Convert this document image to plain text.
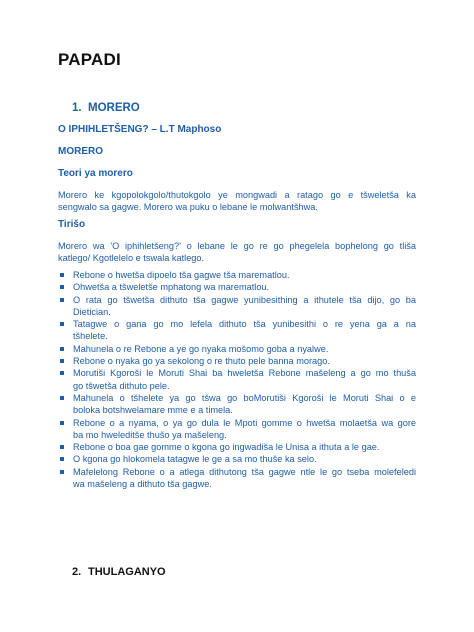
PAPADI
1. MORERO
O IPHIHLETŠENG? – L.T Maphoso
MORERO
Teori ya morero

Morero ke kgopolokgolo/thutokgolo ye mongwadi a ratago go e tšweletša ka
sengwalo sa gagwe. Morero wa puku o lebane le molwantšhwa.

Tirišo

Morero wa 'O iphihletšeng?' o lebane le go re go phegelela bophelong go tliša
katlego/ Kgotlelelo e tswala katlego.

Rebone o hwetša dipoelo tša gagwe tša marematlou.
Ohwetša a tšweletše mphatong wa marematlou.
O rata go tšwetša dithuto tša gagwe yunibesithing a ithutele tša dijo, go ba
Dietician.
Tatagwe o gana go mo lefela dithuto tša yunibesithi o re yena ga a na
tšhelete.
Mahunela o re Rebone a ye go nyaka mošomo goba a nyalwe.
Rebone o nyaka go ya sekolong o re thuto pele banna morago.
Morutiši Kgoroši le Moruti Shai ba hweletša Rebone mašeleng a go mo thuša
go tšwetša dithuto pele.
Mahunela o tšhelete ya go tšwa go boMorutiši Kgoroši le Moruti Shai o e
boloka botshwelamare mme e a timela.
Rebone o a nyama, o ya go dula le Mpoti gomme o hwetša molaetša wa gore
ba mo hweleditše thušo ya mašeleng.
Rebone o boa gae gomme o kgona go ingwadiša le Unisa a ithuta a le gae.
O kgona go hlokomela tatagwe le ge a sa mo thuše ka selo.
Mafelelong Rebone o a atlega dithutong tša gagwe ntle le go tseba molefeledi
wa mašeleng a dithuto tša gagwe.
2. THULAGANYO
